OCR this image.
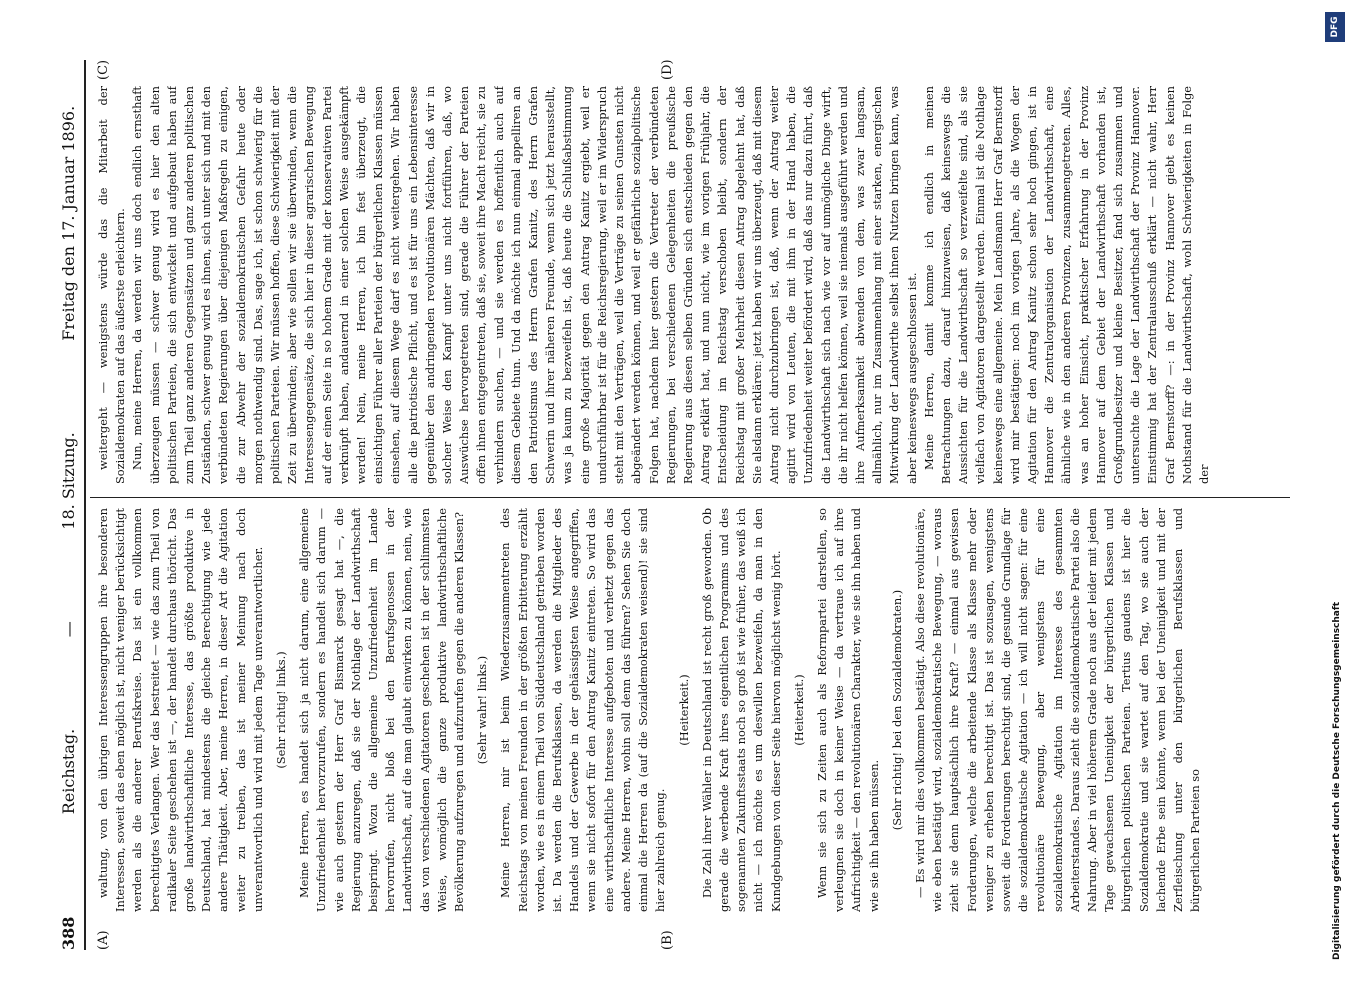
388
Reichstag.
—
18. Sitzung.
Freitag den 17. Januar 1896.
(A)	(B)
(C)	(D)

waltung, von den übrigen Interessengruppen ihre besonderen Interessen, soweit das eben möglich ist, nicht weniger berücksichtigt werden als die anderer Berufskreise. Das ist ein vollkommen berechtigtes Verlangen. Wer das bestreitet — wie das zum Theil von radikaler Seite geschehen ist —, der handelt durchaus thöricht. Das große landwirthschaftliche Interesse, das größte produktive in Deutschland, hat mindestens die gleiche Berechtigung wie jede andere Thätigkeit. Aber, meine Herren, in dieser Art die Agitation weiter zu treiben, das ist meiner Meinung nach doch unverantwortlich und wird mit jedem Tage unverantwortlicher. (Sehr richtig! links.) Meine Herren, es handelt sich ja nicht darum, eine allgemeine Unzufriedenheit hervorzurufen, sondern es handelt sich darum — wie auch gestern der Herr Graf Bismarck gesagt hat —, die Regierung anzuregen, daß sie der Nothlage der Landwirthschaft beispringt. Wozu die allgemeine Unzufriedenheit im Lande hervorrufen, nicht bloß bei den Berufsgenossen in der Landwirthschaft, auf die man glaubt einwirken zu können, nein, wie das von verschiedenen Agitatoren geschehen ist in der schlimmsten Weise, womöglich die ganze produktive landwirthschaftliche Bevölkerung aufzuregen und aufzurufen gegen die anderen Klassen? (Sehr wahr! links.) Meine Herren, mir ist beim Wiederzusammentreten des Reichstags von meinen Freunden in der größten Erbitterung erzählt worden, wie es in einem Theil von Süddeutschland getrieben worden ist. Da werden die Berufsklassen, da werden die Mitglieder des Handels und der Gewerbe in der gehässigsten Weise angegriffen, wenn sie nicht sofort für den Antrag Kanitz eintreten. So wird das eine wirthschaftliche Interesse aufgeboten und verhetzt gegen das andere. Meine Herren, wohin soll denn das führen? Sehen Sie doch einmal die Herren da (auf die Sozialdemokraten weisend)! sie sind hier zahlreich genug.

(Heiterkeit.) Die Zahl ihrer Wähler in Deutschland ist recht groß geworden. Ob gerade die werbende Kraft ihres eigentlichen Programms und des sogenannten Zukunftsstaats noch so groß ist wie früher, das weiß ich nicht — ich möchte es um deswillen bezweifeln, da man in den Kundgebungen von dieser Seite hiervon möglichst wenig hört. (Heiterkeit.) Wenn sie sich zu Zeiten auch als Reformpartei darstellen, so verleugnen sie doch in keiner Weise — da vertraue ich auf ihre Aufrichtigkeit — den revolutionären Charakter, wie sie ihn haben und wie sie ihn haben müssen.

(Sehr richtig! bei den Sozialdemokraten.) — Es wird mir dies vollkommen bestätigt. Also diese revolutionäre, wie eben bestätigt wird, sozialdemokratische Bewegung, — woraus zieht sie denn hauptsächlich ihre Kraft? — einmal aus gewissen Forderungen, welche die arbeitende Klasse als Klasse mehr oder weniger zu erheben berechtigt ist. Das ist sozusagen, wenigstens soweit die Forderungen berechtigt sind, die gesunde Grundlage für die sozialdemokratische Agitation — ich will nicht sagen: für eine revolutionäre Bewegung, aber wenigstens für eine sozialdemokratische Agitation im Interesse des gesammten Arbeiterstandes. Daraus zieht die sozialdemokratische Partei also die Nahrung. Aber in viel höherem Grade noch aus der leider mit jedem Tage gewachsenen Uneinigkeit der bürgerlichen Klassen und bürgerlichen politischen Parteien. Tertius gaudens ist hier die Sozialdemokratie und sie wartet auf den Tag, wo sie auch der lachende Erbe sein könnte, wenn bei der Uneinigkeit und mit der Zerfleischung unter den bürgerlichen Berufsklassen und bürgerlichen Parteien so

weitergeht — wenigstens würde das die Mitarbeit der Sozialdemokraten auf das äußerste erleichtern. Nun, meine Herren, da werden wir uns doch endlich ernsthaft überzeugen müssen — schwer genug wird es hier den alten politischen Parteien, die sich entwickelt und aufgebaut haben auf zum Theil ganz anderen Gegensätzen und ganz anderen politischen Zuständen, schwer genug wird es ihnen, sich unter sich und mit den verbündeten Regierungen über diejenigen Maßregeln zu einigen, die zur Abwehr der sozialdemokratischen Gefahr heute oder morgen nothwendig sind. Das, sage ich, ist schon schwierig für die politischen Parteien. Wir müssen hoffen, diese Schwierigkeit mit der Zeit zu überwinden; aber wie sollen wir sie überwinden, wenn die Interessengegensätze, die sich hier in dieser agrarischen Bewegung auf der einen Seite in so hohem Grade mit der konservativen Partei verknüpft haben, andauernd in einer solchen Weise ausgekämpft werden! Nein, meine Herren, ich bin fest überzeugt, die einsichtigen Führer aller Parteien der bürgerlichen Klassen müssen einsehen, auf diesem Wege darf es nicht weitergehen. Wir haben alle die patriotische Pflicht, und es ist für uns ein Lebensinteresse gegenüber den andringenden revolutionären Mächten, daß wir in solcher Weise den Kampf unter uns nicht fortführen, daß, wo Auswüchse hervorgetreten sind, gerade die Führer der Parteien offen ihnen entgegentreten, daß sie, soweit ihre Macht reicht, sie zu verhindern suchen, — und sie werden es hoffentlich auch auf diesem Gebiete thun. Und da möchte ich nun einmal appelliren an den Patriotismus des Herrn Grafen Kanitz, des Herrn Grafen Schwerin und ihrer näheren Freunde, wenn sich jetzt herausstellt, was ja kaum zu bezweifeln ist, daß heute die Schlußabstimmung eine große Majorität gegen den Antrag Kanitz ergiebt, weil er undurchführbar ist für die Reichsregierung, weil er im Widerspruch steht mit den Verträgen, weil die Verträge zu seinen Gunsten nicht abgeändert werden können, und weil er gefährliche sozialpolitische Folgen hat, nachdem hier gestern die Vertreter der verbündeten Regierungen, bei verschiedenen Gelegenheiten die preußische Regierung aus diesen selben Gründen sich entschieden gegen den Antrag erklärt hat, und nun nicht, wie im vorigen Frühjahr, die Entscheidung im Reichstag verschoben bleibt, sondern der Reichstag mit großer Mehrheit diesen Antrag abgelehnt hat, daß Sie alsdann erklären: jetzt haben wir uns überzeugt, daß mit diesem Antrag nicht durchzubringen ist, daß, wenn der Antrag weiter agitirt wird von Leuten, die mit ihm in der Hand haben, die Unzufriedenheit weiter befördert wird, daß das nur dazu führt, daß die Landwirthschaft sich nach wie vor auf unmögliche Dinge wirft, die ihr nicht helfen können, weil sie niemals ausgeführt werden und ihre Aufmerksamkeit abwenden von dem, was zwar langsam, allmählich, nur im Zusammenhang mit einer starken, energischen Mitwirkung der Landwirthe selbst ihnen Nutzen bringen kann, was aber keineswegs ausgeschlossen ist. Meine Herren, damit komme ich endlich in meinen Betrachtungen dazu, darauf hinzuweisen, daß keineswegs die Aussichten für die Landwirthschaft so verzweifelte sind, als sie vielfach von Agitatoren dargestellt werden. Einmal ist die Nothlage keineswegs eine allgemeine. Mein Landsmann Herr Graf Bernstorff wird mir bestätigen: noch im vorigen Jahre, als die Wogen der Agitation für den Antrag Kanitz schon sehr hoch gingen, ist in Hannover die Zentralorganisation der Landwirthschaft, eine ähnliche wie in den anderen Provinzen, zusammengetreten. Alles, was an hoher Einsicht, praktischer Erfahrung in der Provinz Hannover auf dem Gebiet der Landwirthschaft vorhanden ist, Großgrundbesitzer und kleine Besitzer, fand sich zusammen und untersuchte die Lage der Landwirthschaft der Provinz Hannover. Einstimmig hat der Zentralausschuß erklärt — nicht wahr, Herr Graf Bernstorff? —: in der Provinz Hannover giebt es keinen Nothstand für die Landwirthschaft, wohl Schwierigkeiten in Folge der

Digitalisierung gefördert durch die Deutsche Forschungsgemeinschaft
DFG
